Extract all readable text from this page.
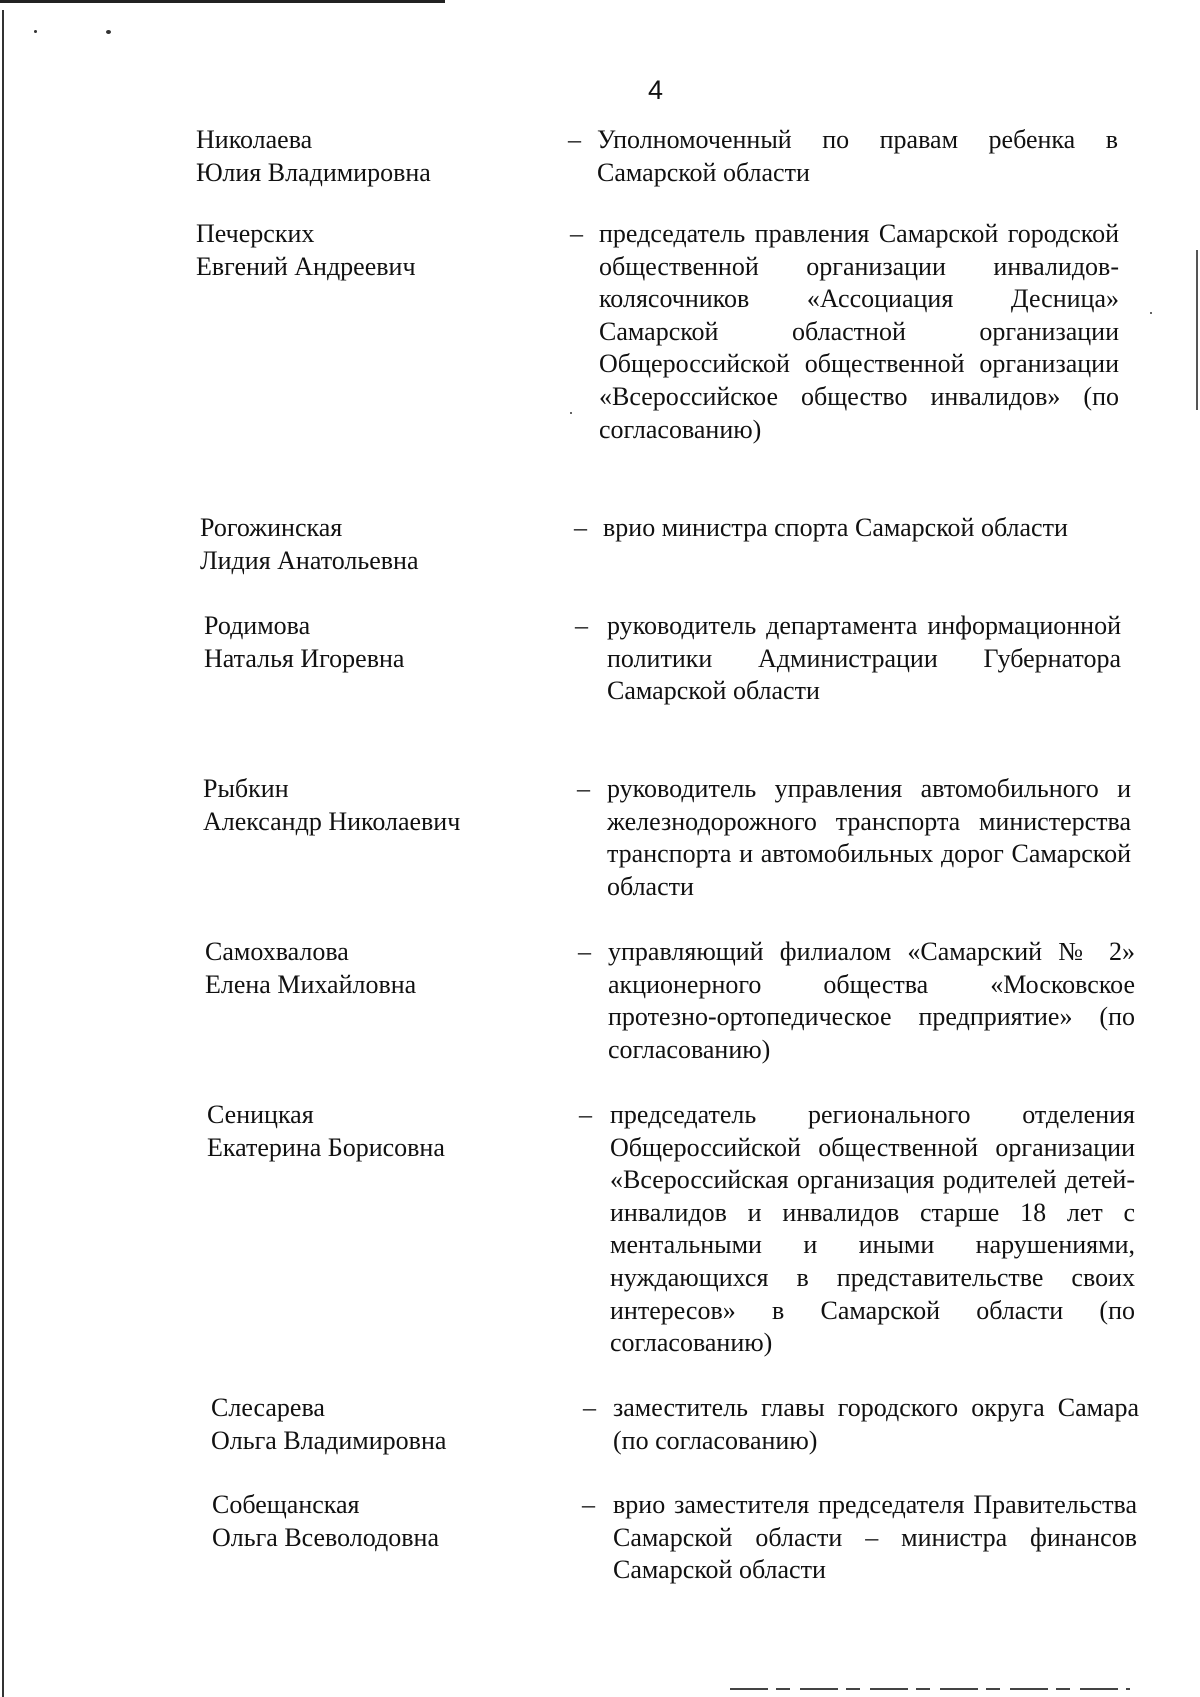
4
Николаева
Юлия Владимировна
– Уполномоченный по правам ребенка в Самарской области
Печерских
Евгений Андреевич
– председатель правления Самарской городской общественной организации инвалидов-колясочников «Ассоциация Десница» Самарской областной организации Общероссийской общественной организации «Всероссийское общество инвалидов» (по согласованию)
Рогожинская
Лидия Анатольевна
– врио министра спорта Самарской области
Родимова
Наталья Игоревна
– руководитель департамента информационной политики Администрации Губернатора Самарской области
Рыбкин
Александр Николаевич
– руководитель управления автомобильного и железнодорожного транспорта министерства транспорта и автомобильных дорог Самарской области
Самохвалова
Елена Михайловна
– управляющий филиалом «Самарский № 2» акционерного общества «Московское протезно-ортопедическое предприятие» (по согласованию)
Сеницкая
Екатерина Борисовна
– председатель регионального отделения Общероссийской общественной организации «Всероссийская организация родителей детей-инвалидов и инвалидов старше 18 лет с ментальными и иными нарушениями, нуждающихся в представительстве своих интересов» в Самарской области (по согласованию)
Слесарева
Ольга Владимировна
– заместитель главы городского округа Самара (по согласованию)
Собещанская
Ольга Всеволодовна
– врио заместителя председателя Правительства Самарской области – министра финансов Самарской области
